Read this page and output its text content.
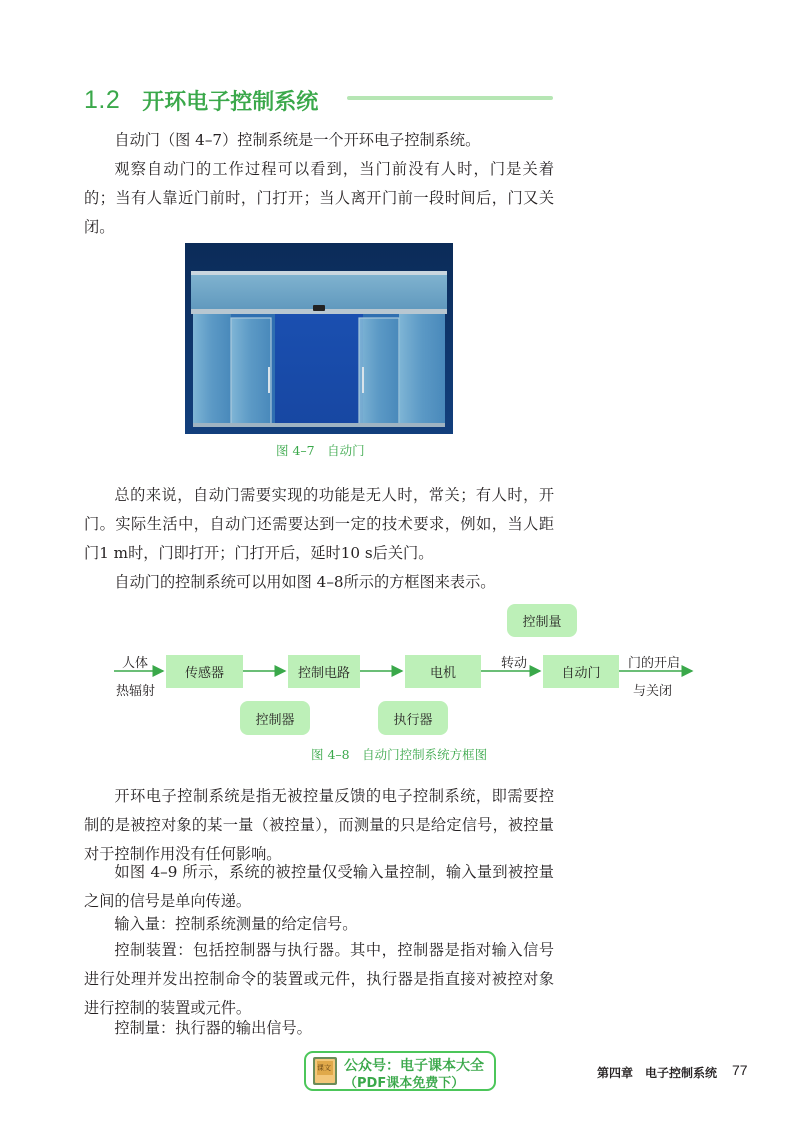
1.2 开环电子控制系统

自动门（图 4–7）控制系统是一个开环电子控制系统。

观察自动门的工作过程可以看到，当门前没有人时，门是关着的；当有人靠近门前时，门打开；当人离开门前一段时间后，门又关闭。

图 4–7　自动门

总的来说，自动门需要实现的功能是无人时，常关；有人时，开门。实际生活中，自动门还需要达到一定的技术要求，例如，当人距门1 m时，门即打开；门打开后，延时10 s后关门。

自动门的控制系统可以用如图 4–8所示的方框图来表示。

人体
热辐射
传感器	控制电路	电机	自动门
转动	门的开启
与关闭
控制量
控制器	执行器
图 4–8　自动门控制系统方框图

开环电子控制系统是指无被控量反馈的电子控制系统，即需要控制的是被控对象的某一量（被控量），而测量的只是给定信号，被控量对于控制作用没有任何影响。

如图 4–9 所示，系统的被控量仅受输入量控制，输入量到被控量之间的信号是单向传递。

输入量：控制系统测量的给定信号。

控制装置：包括控制器与执行器。其中，控制器是指对输入信号进行处理并发出控制命令的装置或元件，执行器是指直接对被控对象进行控制的装置或元件。

控制量：执行器的输出信号。

课文 公众号：电子课本大全
（PDF课本免费下）
第四章　电子控制系统 77
